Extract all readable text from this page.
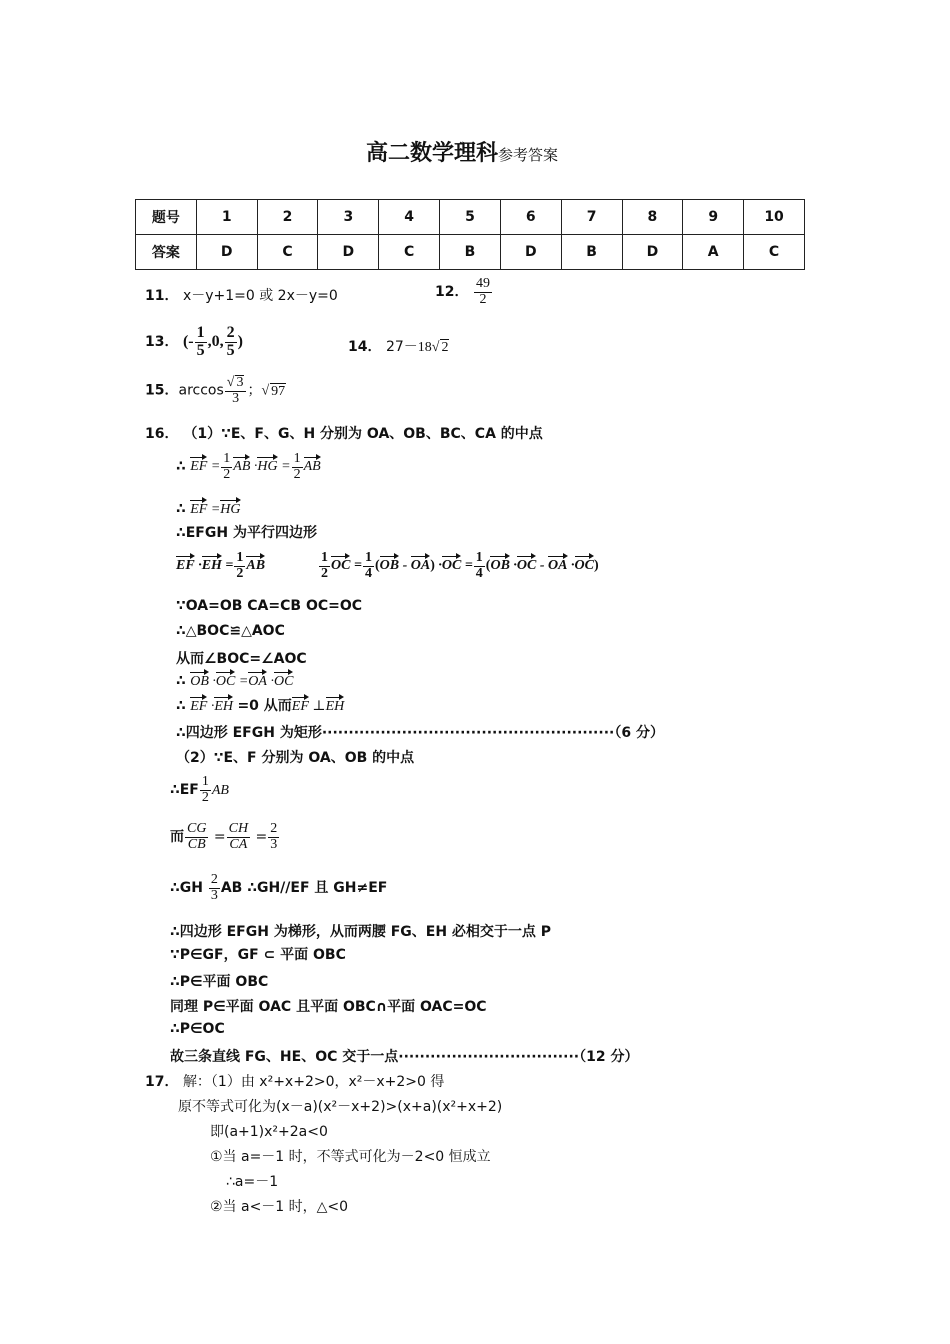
高二数学理科参考答案
题号	1	2	3	4	5	6	7	8	9	10
答案	D	C	D	C	B	D	B	D	A	C
11． x－y+1=0 或 2x－y=0	12． $\frac{49}{2}$
13． (- $\frac{1}{5} ,0$, $\frac{2}{5}$ )	14． 27－18√ 2
15．$\arccos \frac{√ 3}{3}$ ；√ 97
16． （1）∵E、F、G、H 分别为 OA、OB、BC、CA 的中点
∴ EF = $\frac{1}{2}$ AB $\cdot HG = \frac{1}{2}$ AB
∴ EF =HG
∴EFGH 为平行四边形
EF $\cdot EH = \frac{1}{2}$ AB	$\frac{1}{2}$ OC = $\frac{1}{4} (OB - OA) \cdot OC = \frac{1}{4} (OB \cdot OC$ - OA ·OC)
∵OA=OB CA=CB OC=OC
∴△BOC≌△AOC
从而∠BOC=∠AOC
∴ OB ·OC =OA ·OC
∴ EF ·EH =0 从而EF ⊥EH
∴四边形 EFGH 为矩形·······················································（6 分）
（2）∵E、F 分别为 OA、OB 的中点
∴EF $\frac{1}{2}$ AB
而 $\frac{CG}{CB} = \frac{CH}{CA} = \frac{2}{3}$
∴GH $\frac{2}{3}$ AB ∴GH//EF 且 GH≠EF
∴四边形 EFGH 为梯形，从而两腰 FG、EH 必相交于一点 P
∵P∈GF，GF ⊂ 平面 OBC
∴P∈平面 OBC
同理 P∈平面 OAC 且平面 OBC∩平面 OAC=OC
∴P∈OC
故三条直线 FG、HE、OC 交于一点··································（12 分）
17． 解：（1）由 x²+x+2>0，x²－x+2>0 得
原不等式可化为(x－a)(x²－x+2)>(x+a)(x²+x+2)
即(a+1)x²+2a<0
①当 a=－1 时，不等式可化为－2<0 恒成立
∴a=－1
②当 a<－1 时，△<0
